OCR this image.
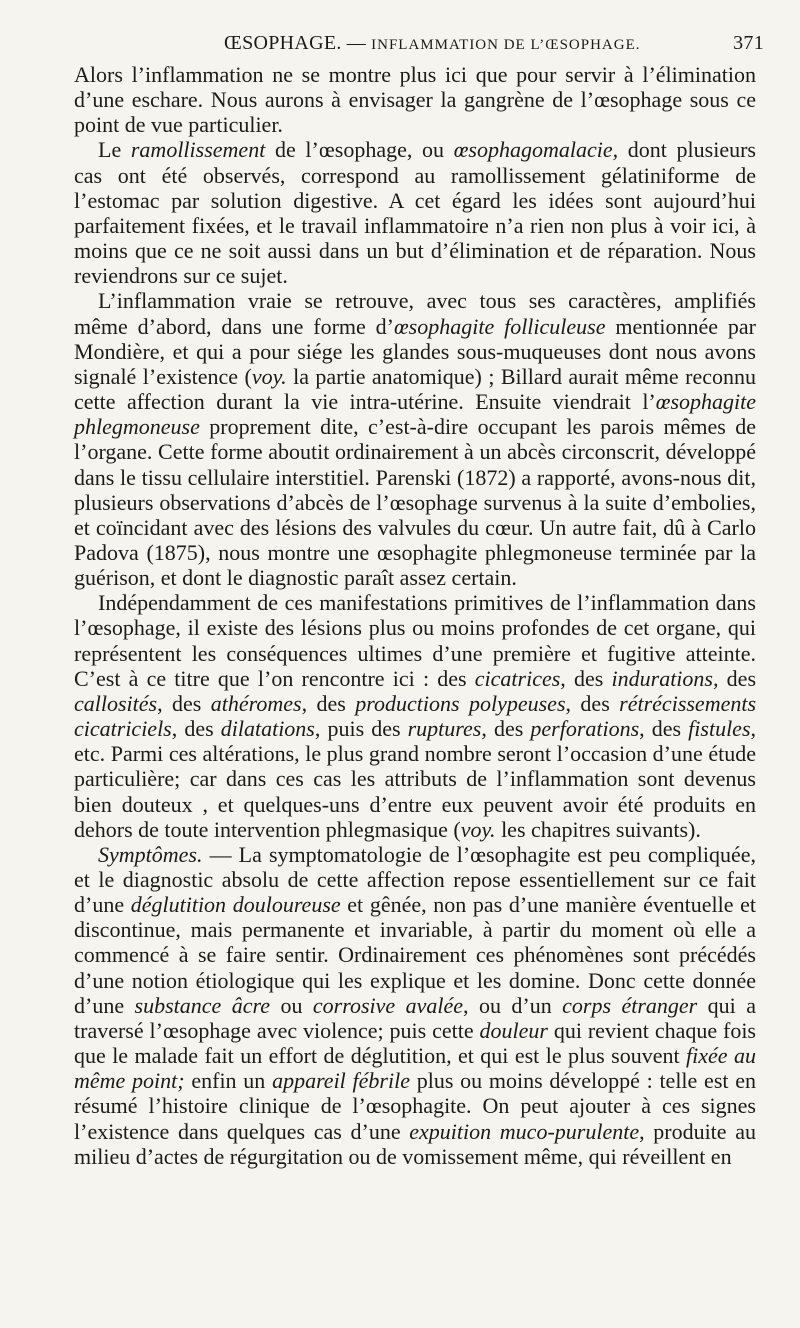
ŒSOPHAGE. — INFLAMMATION DE L’ŒSOPHAGE.	371

Alors l’inflammation ne se montre plus ici que pour servir à l’élimination d’une eschare. Nous aurons à envisager la gangrène de l’œsophage sous ce point de vue particulier.

Le ramollissement de l’œsophage, ou œsophagomalacie, dont plusieurs cas ont été observés, correspond au ramollissement gélatiniforme de l’estomac par solution digestive. A cet égard les idées sont aujourd’hui parfaitement fixées, et le travail inflammatoire n’a rien non plus à voir ici, à moins que ce ne soit aussi dans un but d’élimination et de réparation. Nous reviendrons sur ce sujet.

L’inflammation vraie se retrouve, avec tous ses caractères, amplifiés même d’abord, dans une forme d’œsophagite folliculeuse mentionnée par Mondière, et qui a pour siége les glandes sous-muqueuses dont nous avons signalé l’existence (voy. la partie anatomique) ; Billard aurait même reconnu cette affection durant la vie intra-utérine. Ensuite viendrait l’œsophagite phlegmoneuse proprement dite, c’est-à-dire occupant les parois mêmes de l’organe. Cette forme aboutit ordinairement à un abcès circonscrit, développé dans le tissu cellulaire interstitiel. Parenski (1872) a rapporté, avons-nous dit, plusieurs observations d’abcès de l’œsophage survenus à la suite d’embolies, et coïncidant avec des lésions des valvules du cœur. Un autre fait, dû à Carlo Padova (1875), nous montre une œsophagite phlegmoneuse terminée par la guérison, et dont le diagnostic paraît assez certain.

Indépendamment de ces manifestations primitives de l’inflammation dans l’œsophage, il existe des lésions plus ou moins profondes de cet organe, qui représentent les conséquences ultimes d’une première et fugitive atteinte. C’est à ce titre que l’on rencontre ici : des cicatrices, des indurations, des callosités, des athéromes, des productions polypeuses, des rétrécissements cicatriciels, des dilatations, puis des ruptures, des perforations, des fistules, etc. Parmi ces altérations, le plus grand nombre seront l’occasion d’une étude particulière; car dans ces cas les attributs de l’inflammation sont devenus bien douteux , et quelques-uns d’entre eux peuvent avoir été produits en dehors de toute intervention phlegmasique (voy. les chapitres suivants).

Symptômes. — La symptomatologie de l’œsophagite est peu compliquée, et le diagnostic absolu de cette affection repose essentiellement sur ce fait d’une déglutition douloureuse et gênée, non pas d’une manière éventuelle et discontinue, mais permanente et invariable, à partir du moment où elle a commencé à se faire sentir. Ordinairement ces phénomènes sont précédés d’une notion étiologique qui les explique et les domine. Donc cette donnée d’une substance âcre ou corrosive avalée, ou d’un corps étranger qui a traversé l’œsophage avec violence; puis cette douleur qui revient chaque fois que le malade fait un effort de déglutition, et qui est le plus souvent fixée au même point; enfin un appareil fébrile plus ou moins développé : telle est en résumé l’histoire clinique de l’œsophagite. On peut ajouter à ces signes l’existence dans quelques cas d’une expuition muco-purulente, produite au milieu d’actes de régurgitation ou de vomissement même, qui réveillent en
